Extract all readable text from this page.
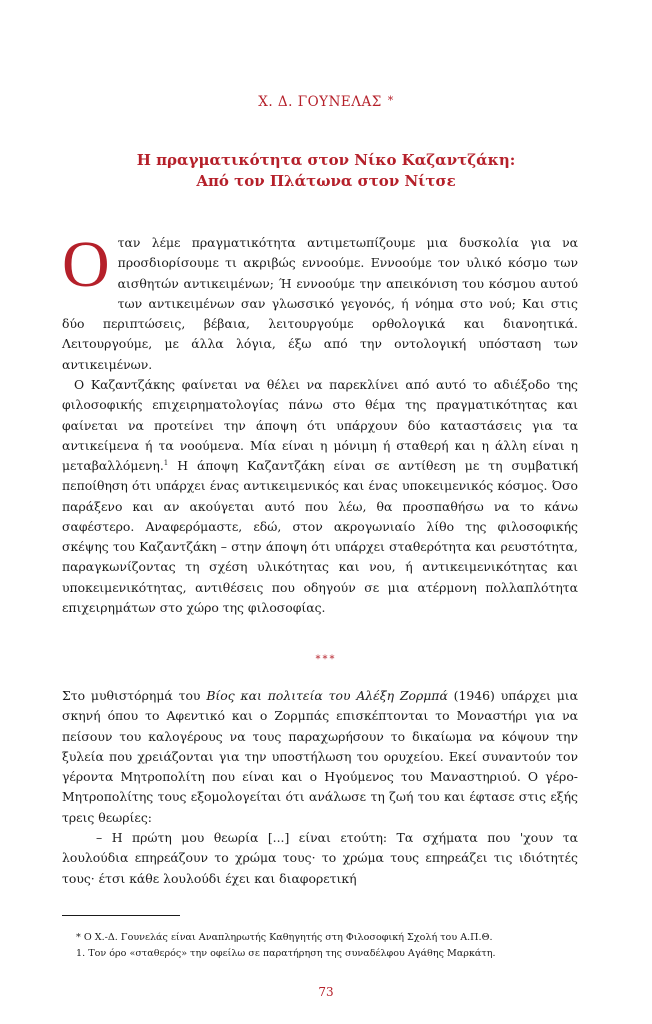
Χ. Δ. ΓΟΥΝΕΛΑΣ *
Η πραγματικότητα στον Νίκο Καζαντζάκη:
Από τον Πλάτωνα στον Νίτσε
Οταν λέμε πραγματικότητα αντιμετωπίζουμε μια δυσκολία για να προσδιορίσουμε τι ακριβώς εννοούμε. Εννοούμε τον υλικό κόσμο των αισθητών αντικειμένων; Ή εννοούμε την απεικόνιση του κόσμου αυτού των αντικειμένων σαν γλωσσικό γεγονός, ή νόημα στο νού; Και στις δύο περιπτώσεις, βέβαια, λειτουργούμε ορθολογικά και διανοητικά. Λειτουργούμε, με άλλα λόγια, έξω από την οντολογική υπόσταση των αντικειμένων.
Ο Καζαντζάκης φαίνεται να θέλει να παρεκλίνει από αυτό το αδιέξοδο της φιλοσοφικής επιχειρηματολογίας πάνω στο θέμα της πραγματικότητας και φαίνεται να προτείνει την άποψη ότι υπάρχουν δύο καταστάσεις για τα αντικείμενα ή τα νοούμενα. Μία είναι η μόνιμη ή σταθερή και η άλλη είναι η μεταβαλλόμενη.$^1$ Η άποψη Καζαντζάκη είναι σε αντίθεση με τη συμβατική πεποίθηση ότι υπάρχει ένας αντικειμενικός και ένας υποκειμενικός κόσμος. Όσο παράξενο και αν ακούγεται αυτό που λέω, θα προσπαθήσω να το κάνω σαφέστερο. Αναφερόμαστε, εδώ, στον ακρογωνιαίο λίθο της φιλοσοφικής σκέψης του Καζαντζάκη – στην άποψη ότι υπάρχει σταθερότητα και ρευστότητα, παραγκωνίζοντας τη σχέση υλικότητας και νου, ή αντικειμενικότητας και υποκειμενικότητας, αντιθέσεις που οδηγούν σε μια ατέρμονη πολλαπλότητα επιχειρημάτων στο χώρο της φιλοσοφίας.
***
Στο μυθιστόρημά του Βίος και πολιτεία του Αλέξη Ζορμπά (1946) υπάρχει μια σκηνή όπου το Αφεντικό και ο Ζορμπάς επισκέπτονται το Μοναστήρι για να πείσουν του καλογέρους να τους παραχωρήσουν το δικαίωμα να κόψουν την ξυλεία που χρειάζονται για την υποστήλωση του ορυχείου. Εκεί συναντούν τον γέροντα Μητροπολίτη που είναι και ο Ηγούμενος του Μαναστηριού. Ο γέρο-Μητροπολίτης τους εξομολογείται ότι ανάλωσε τη ζωή του και έφτασε στις εξής τρεις θεωρίες:
– Η πρώτη μου θεωρία [...] είναι ετούτη: Τα σχήματα που 'χουν τα λουλούδια επηρεάζουν το χρώμα τους· το χρώμα τους επηρεάζει τις ιδιότητές τους· έτσι κάθε λουλούδι έχει και διαφορετική

* Ο Χ.-Δ. Γουνελάς είναι Αναπληρωτής Καθηγητής στη Φιλοσοφική Σχολή του Α.Π.Θ.

1. Τον όρο «σταθερός» την οφείλω σε παρατήρηση της συναδέλφου Αγάθης Μαρκάτη.

73
